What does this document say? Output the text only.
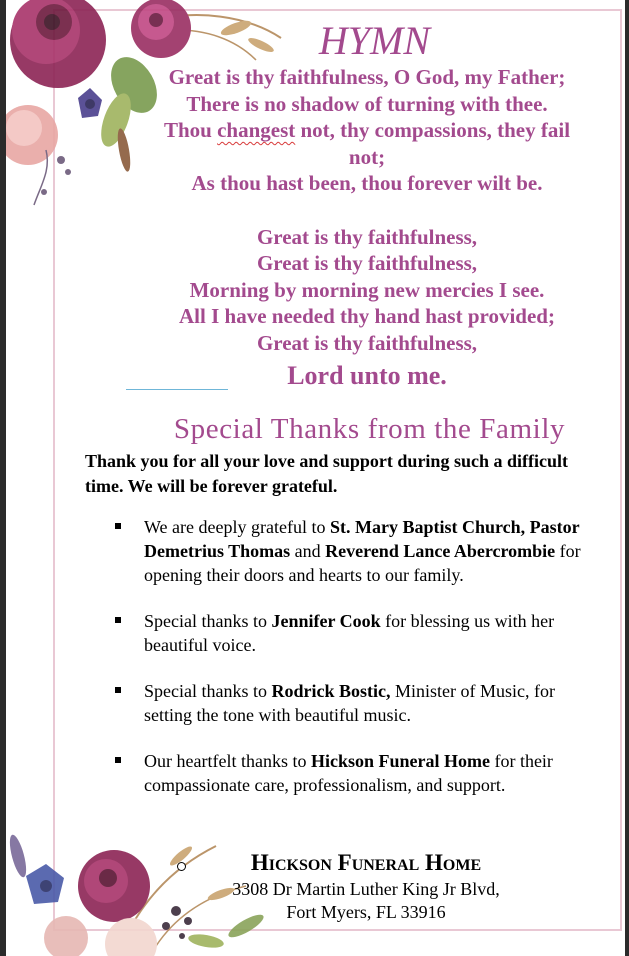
HYMN
Great is thy faithfulness, O God, my Father;
There is no shadow of turning with thee.
Thou changest not, thy compassions, they fail
not;
As thou hast been, thou forever wilt be.
Great is thy faithfulness,
Great is thy faithfulness,
Morning by morning new mercies I see.
All I have needed thy hand hast provided;
Great is thy faithfulness,
Lord unto me.
Special Thanks from the Family
Thank you for all your love and support during such a difficult time. We will be forever grateful.
We are deeply grateful to St. Mary Baptist Church, Pastor Demetrius Thomas and Reverend Lance Abercrombie for opening their doors and hearts to our family.
Special thanks to Jennifer Cook for blessing us with her beautiful voice.
Special thanks to Rodrick Bostic, Minister of Music, for setting the tone with beautiful music.
Our heartfelt thanks to Hickson Funeral Home for their compassionate care, professionalism, and support.
Hickson Funeral Home
3308 Dr Martin Luther King Jr Blvd,
Fort Myers, FL 33916
